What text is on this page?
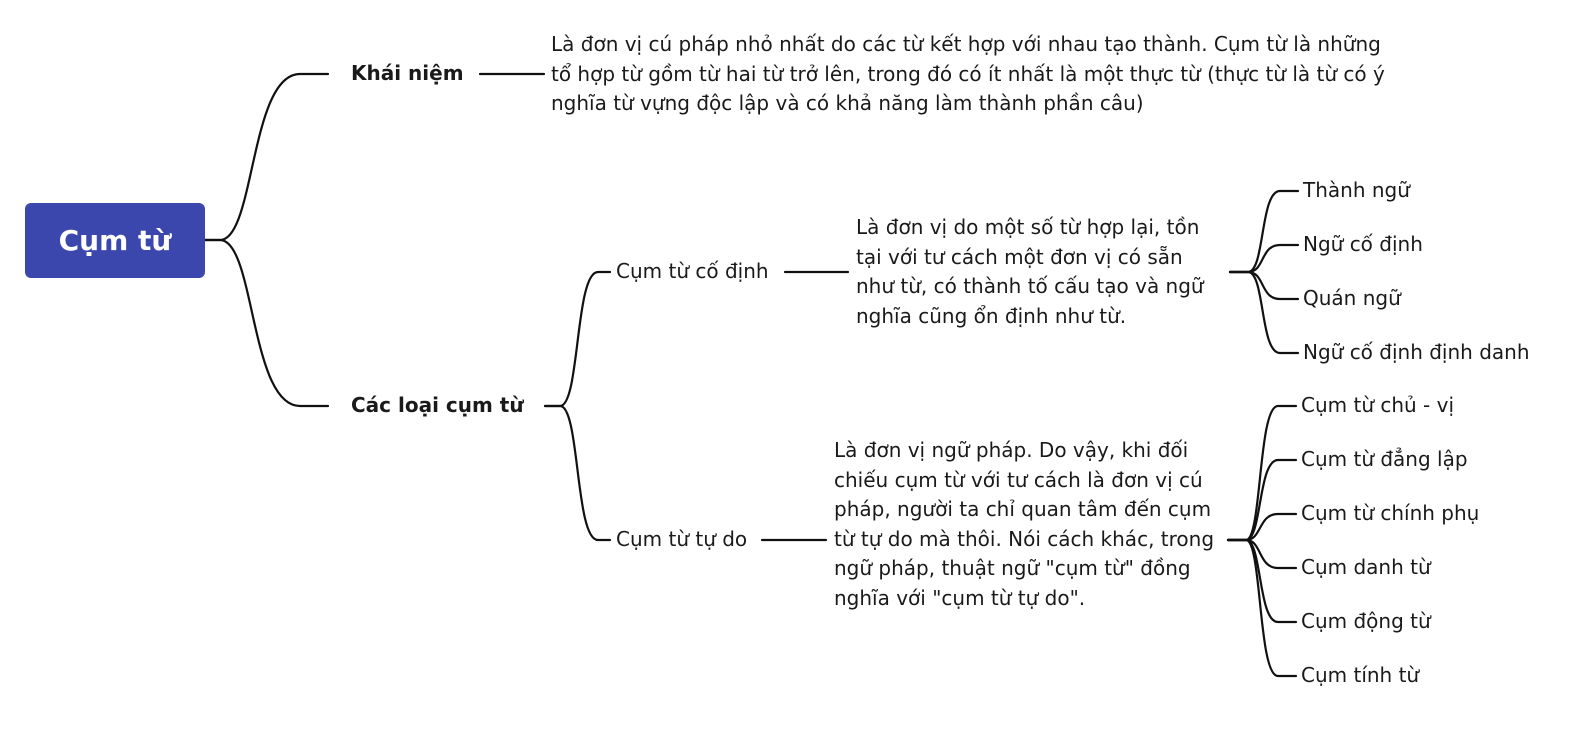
Cụm từ
Khái niệm
Là đơn vị cú pháp nhỏ nhất do các từ kết hợp với nhau tạo thành. Cụm từ là những tổ hợp từ gồm từ hai từ trở lên, trong đó có ít nhất là một thực từ (thực từ là từ có ý nghĩa từ vựng độc lập và có khả năng làm thành phần câu)
Các loại cụm từ
Cụm từ cố định
Là đơn vị do một số từ hợp lại, tồn tại với tư cách một đơn vị có sẵn như từ, có thành tố cấu tạo và ngữ nghĩa cũng ổn định như từ.
Cụm từ tự do
Là đơn vị ngữ pháp. Do vậy, khi đối chiếu cụm từ với tư cách là đơn vị cú pháp, người ta chỉ quan tâm đến cụm từ tự do mà thôi. Nói cách khác, trong ngữ pháp, thuật ngữ "cụm từ" đồng nghĩa với "cụm từ tự do".
Thành ngữ
Ngữ cố định
Quán ngữ
Ngữ cố định định danh
Cụm từ chủ - vị
Cụm từ đẳng lập
Cụm từ chính phụ
Cụm danh từ
Cụm động từ
Cụm tính từ
